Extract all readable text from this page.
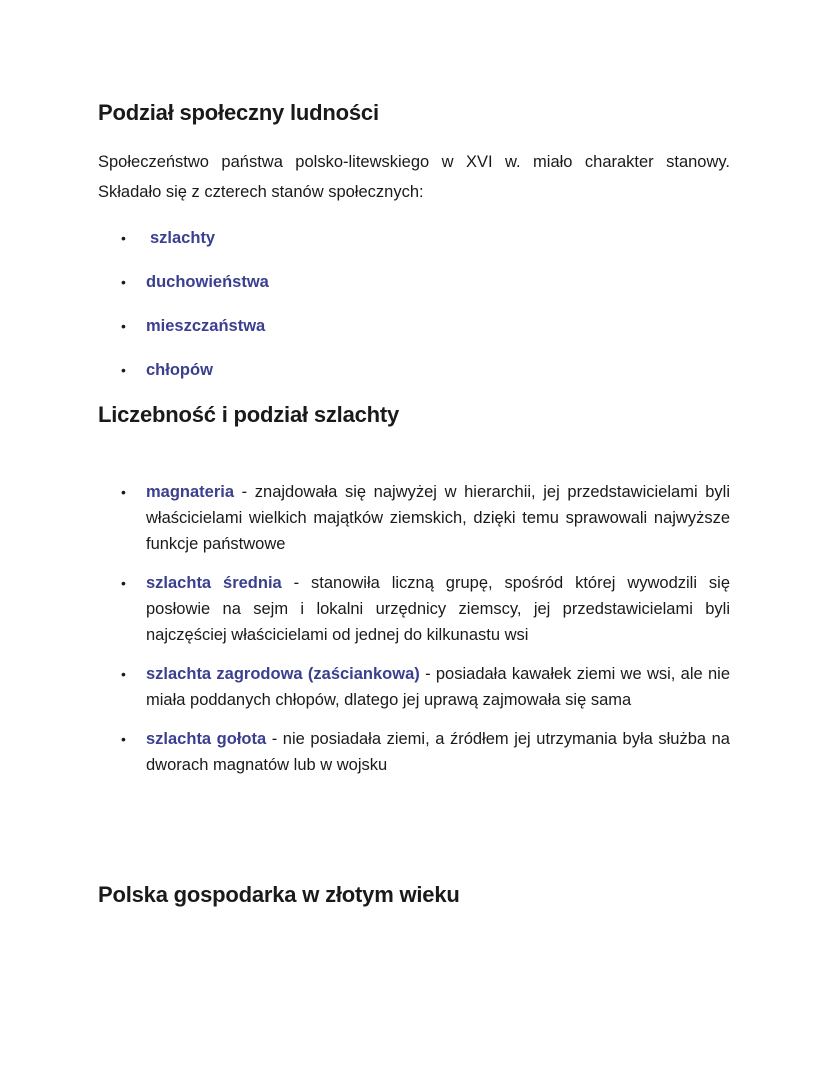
Podział społeczny ludności

Społeczeństwo państwa polsko-litewskiego w XVI w. miało charakter stanowy. Składało się z czterech stanów społecznych:

• szlachty
• duchowieństwa
• mieszczaństwa
• chłopów
Liczebność i podział szlachty
• magnateria - znajdowała się najwyżej w hierarchii, jej przedstawicielami byli właścicielami wielkich majątków ziemskich, dzięki temu sprawowali najwyższe funkcje państwowe
• szlachta średnia - stanowiła liczną grupę, spośród której wywodzili się posłowie na sejm i lokalni urzędnicy ziemscy, jej przedstawicielami byli najczęściej właścicielami od jednej do kilkunastu wsi
• szlachta zagrodowa (zaściankowa) - posiadała kawałek ziemi we wsi, ale nie miała poddanych chłopów, dlatego jej uprawą zajmowała się sama
• szlachta gołota - nie posiadała ziemi, a źródłem jej utrzymania była służba na dworach magnatów lub w wojsku
Polska gospodarka w złotym wieku
